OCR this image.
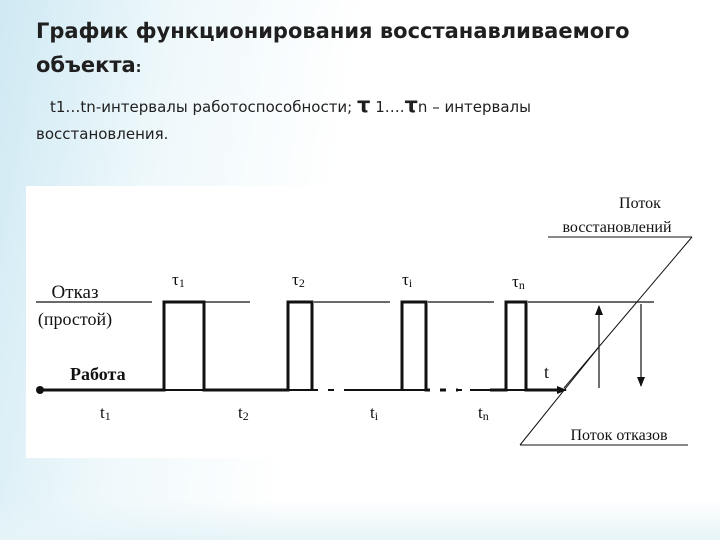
График функционирования восстанавливаемого объекта:
t1…tn-интервалы работоспособности; τ 1….τn – интервалы
восстановления.
Поток
восстановлений
Отказ
(простой)
Работа
τ1	τ2	τi	τn
t1	t2	ti	tn
t
Поток отказов
